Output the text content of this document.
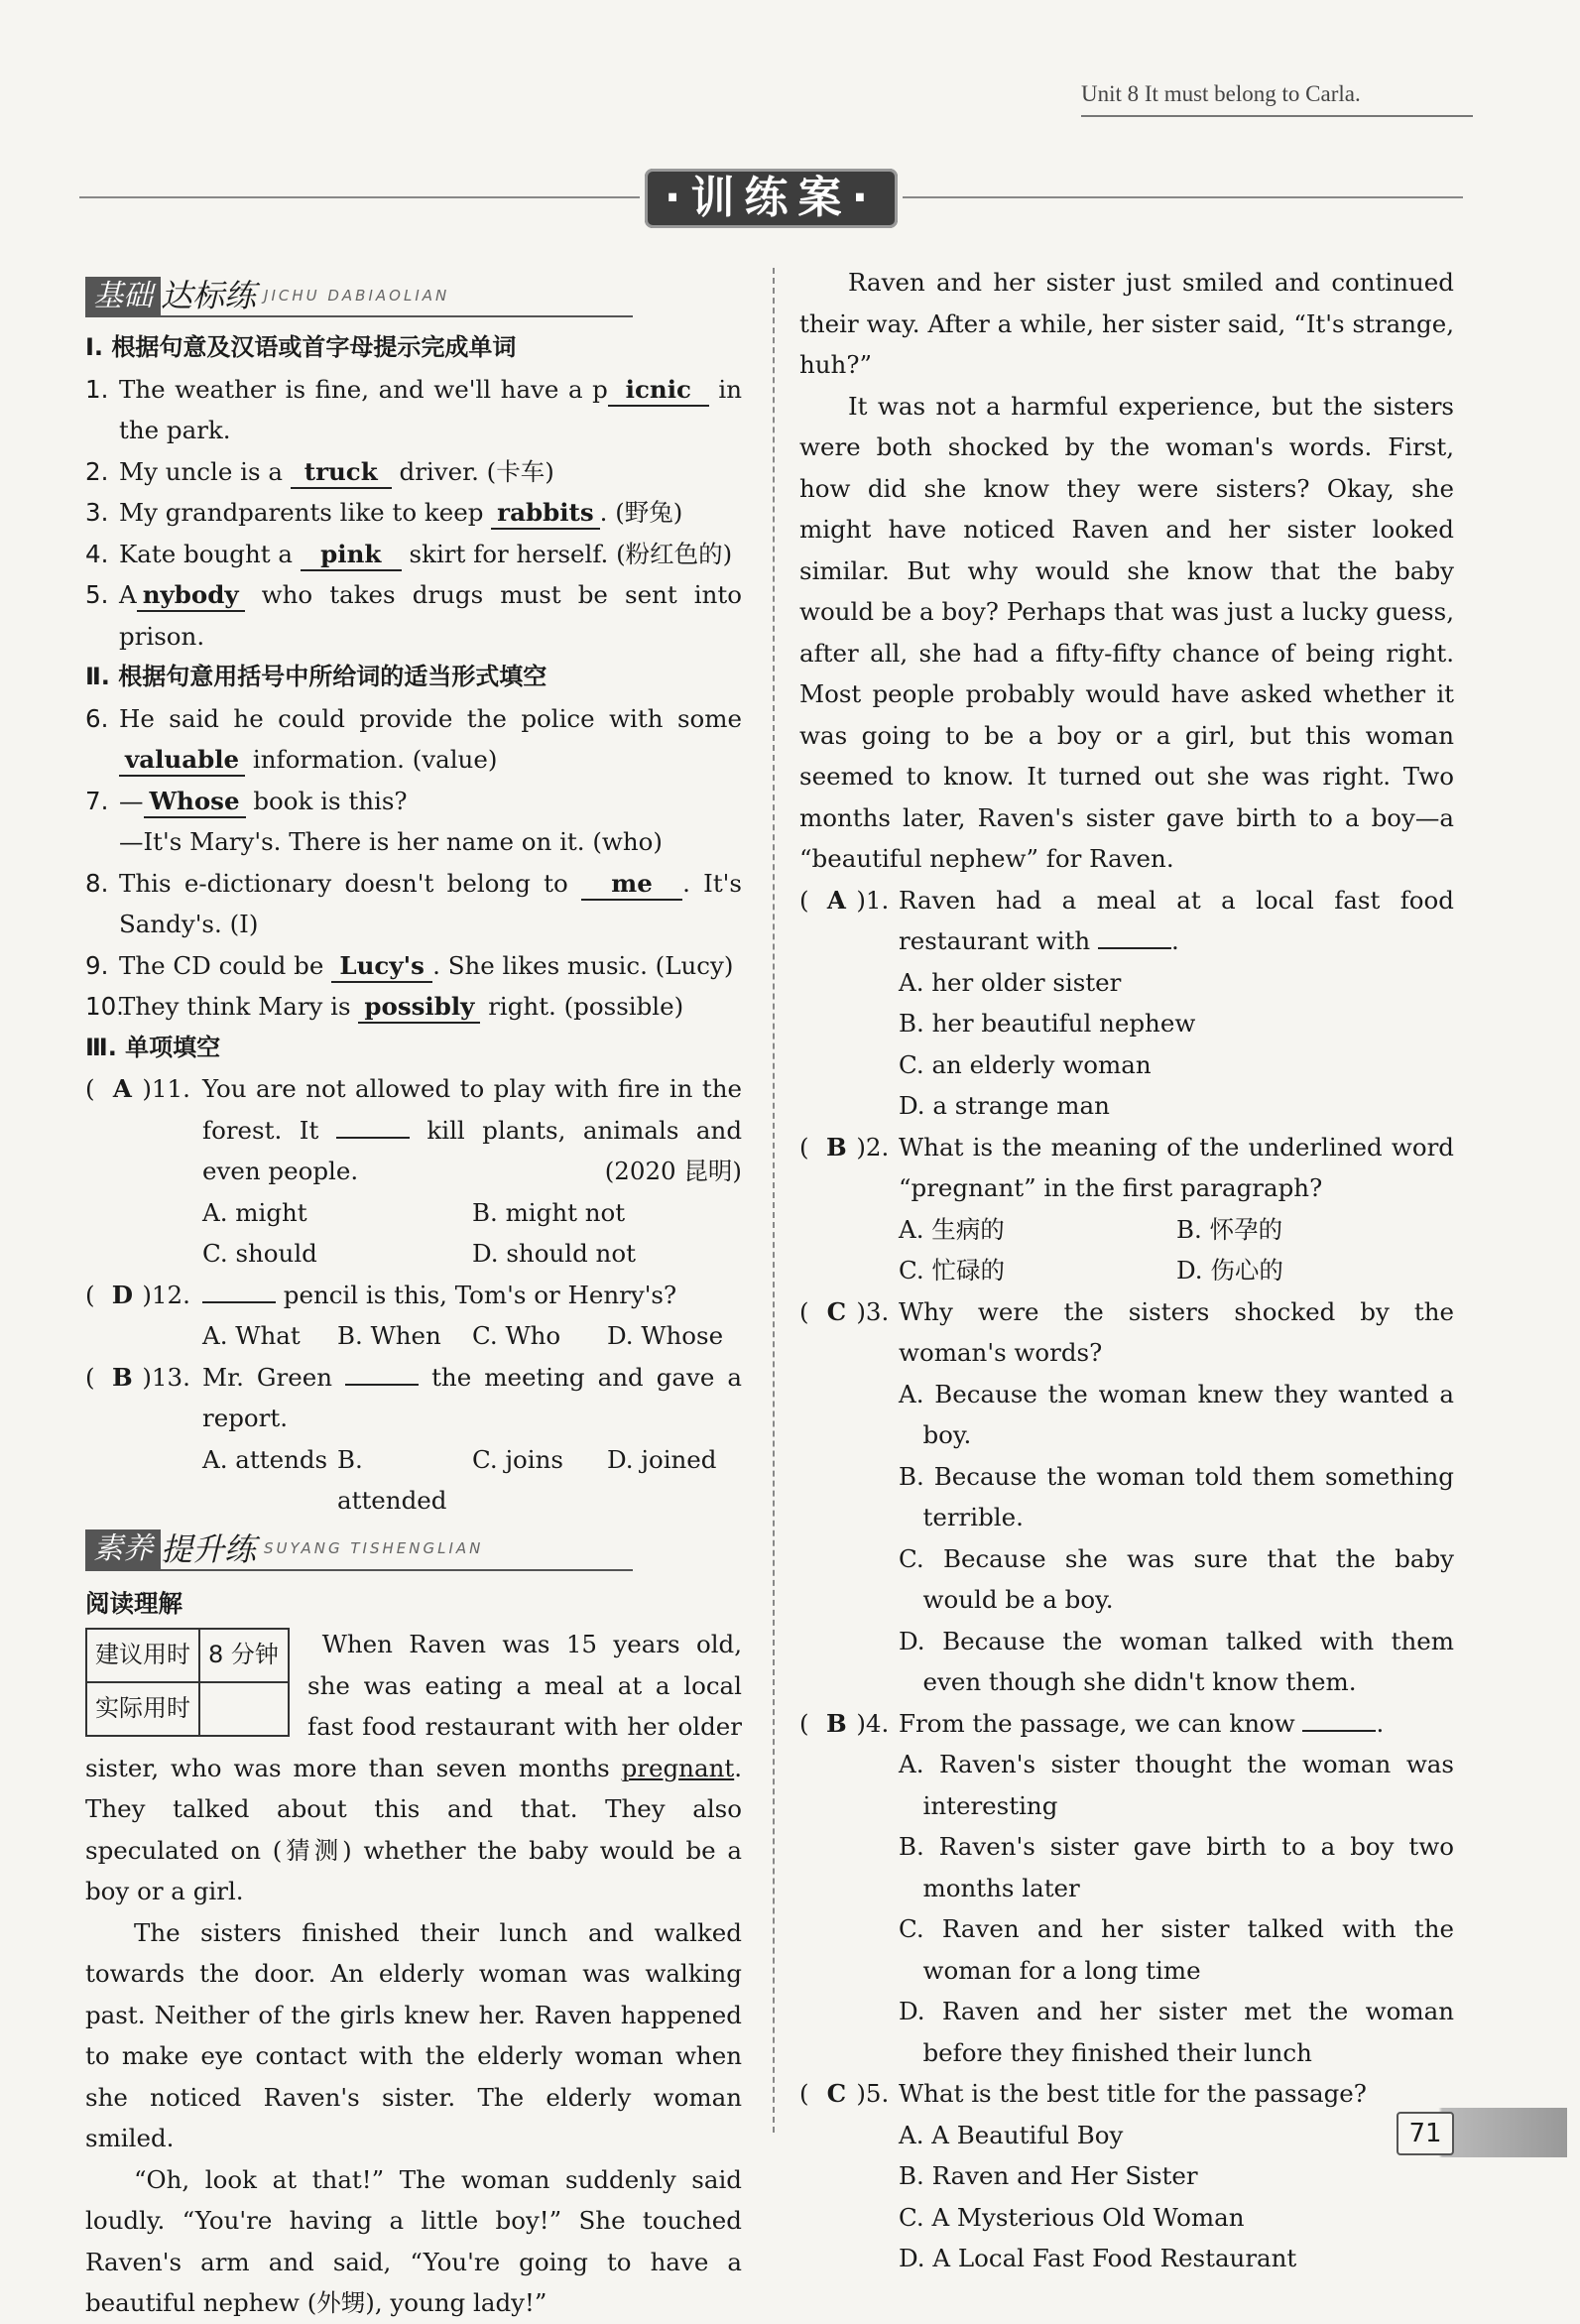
Unit 8 It must belong to Carla.
·训练案·
基础 达标练 JICHU DABIAOLIAN
Ⅰ. 根据句意及汉语或首字母提示完成单词
1. The weather is fine, and we'll have a p icnic in the park.
2. My uncle is a truck driver. (卡车)
3. My grandparents like to keep rabbits . (野兔)
4. Kate bought a pink skirt for herself. (粉红色的)
5. A nybody who takes drugs must be sent into prison.
Ⅱ. 根据句意用括号中所给词的适当形式填空
6. He said he could provide the police with some valuable information. (value)
7. — Whose book is this?
—It's Mary's. There is her name on it. (who)
8. This e-dictionary doesn't belong to me . It's Sandy's. (I)
9. The CD could be Lucy's . She likes music. (Lucy)
10.
They think Mary is possibly right. (possible)
Ⅲ. 单项填空
( A )11. You are not allowed to play with fire in the forest. It	kill plants, animals and even people.	(2020 昆明)
A. might	B. might not
C. should	D. should not
( D )12.	pencil is this, Tom's or Henry's?
A. What	B. When	C. Who	D. Whose
( B )13. Mr. Green	the meeting and gave a report.
A. attends B. attended
C. joins	D. joined
素养 提升练 SUYANG TISHENGLIAN
阅读理解
建议用时	8 分钟
实际用时	
When Raven was 15 years old, she was eating a meal at a local fast food restaurant with her older sister, who was more than seven months pregnant. They talked about this and that. They also speculated on (猜测) whether the baby would be a boy or a girl.
The sisters finished their lunch and walked towards the door. An elderly woman was walking past. Neither of the girls knew her. Raven happened to make eye contact with the elderly woman when she noticed Raven's sister. The elderly woman smiled.
“Oh, look at that!” The woman suddenly said loudly. “You're having a little boy!” She touched Raven's arm and said, “You're going to have a beautiful nephew (外甥), young lady!”
Raven and her sister just smiled and continued their way. After a while, her sister said, “It's strange, huh?”
It was not a harmful experience, but the sisters were both shocked by the woman's words. First, how did she know they were sisters? Okay, she might have noticed Raven and her sister looked similar. But why would she know that the baby would be a boy? Perhaps that was just a lucky guess, after all, she had a fifty-fifty chance of being right. Most people probably would have asked whether it was going to be a boy or a girl, but this woman seemed to know. It turned out she was right. Two months later, Raven's sister gave birth to a boy—a “beautiful nephew” for Raven.
( A )1. Raven had a meal at a local fast food restaurant with	.
A. her older sister
B. her beautiful nephew
C. an elderly woman
D. a strange man
( B )2. What is the meaning of the underlined word “pregnant” in the first paragraph?
A. 生病的	B. 怀孕的
C. 忙碌的	D. 伤心的
( C )3. Why were the sisters shocked by the woman's words?
A. Because the woman knew they wanted a boy.
B. Because the woman told them something terrible.
C. Because she was sure that the baby would be a boy.
D. Because the woman talked with them even though she didn't know them.
( B )4. From the passage, we can know	.
A. Raven's sister thought the woman was interesting
B. Raven's sister gave birth to a boy two months later
C. Raven and her sister talked with the woman for a long time
D. Raven and her sister met the woman before they finished their lunch
( C )5. What is the best title for the passage?
A. A Beautiful Boy
B. Raven and Her Sister
C. A Mysterious Old Woman
D. A Local Fast Food Restaurant
71
